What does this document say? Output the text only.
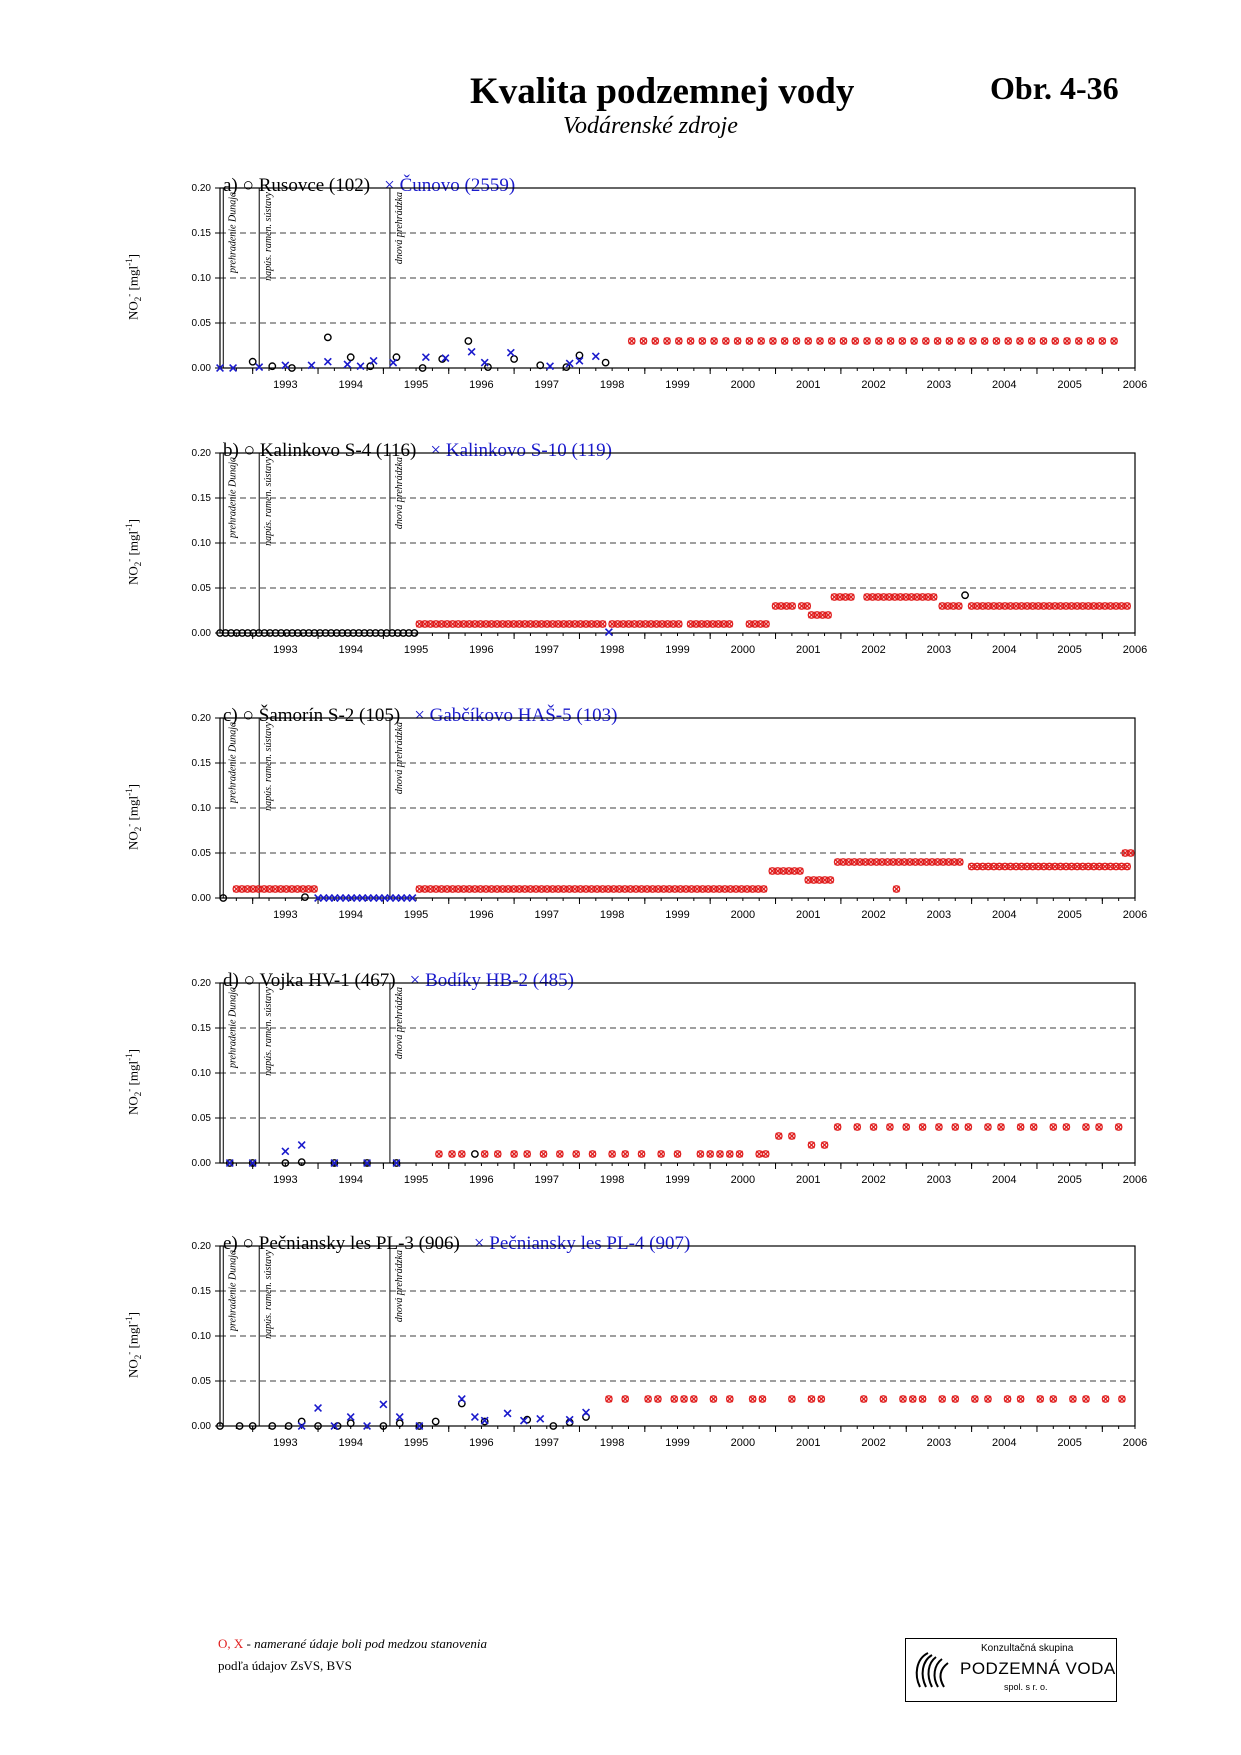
Kvalita podzemnej vody
Vodárenské zdroje
Obr. 4-36
a) ○ Rusovce (102) × Čunovo (2559)
$NO_2^-$ [mgl$^{-1}$]
0.00
0.05
0.10
0.15
0.20
1993	1994	1995	1996	1997	1998	1999	2000	2001	2002	2003	2004	2005	2006
prehradenie Dunaja napús. ramen. sústavy	dnová prehrádzka
b) ○ Kalinkovo S-4 (116) × Kalinkovo S-10 (119)
$NO_2^-$ [mgl$^{-1}$]
0.00
0.05
0.10
0.15
0.20
1993	1994	1995	1996	1997	1998	1999	2000	2001	2002	2003	2004	2005	2006
prehradenie Dunaja napús. ramen. sústavy	dnová prehrádzka
c) ○ Šamorín S-2 (105) × Gabčíkovo HAŠ-5 (103)
$NO_2^-$ [mgl$^{-1}$]
0.00
0.05
0.10
0.15
0.20
1993	1994	1995	1996	1997	1998	1999	2000	2001	2002	2003	2004	2005	2006
prehradenie Dunaja napús. ramen. sústavy	dnová prehrádzka
d) ○ Vojka HV-1 (467) × Bodíky HB-2 (485)
$NO_2^-$ [mgl$^{-1}$]
0.00
0.05
0.10
0.15
0.20
1993	1994	1995	1996	1997	1998	1999	2000	2001	2002	2003	2004	2005	2006
prehradenie Dunaja napús. ramen. sústavy	dnová prehrádzka
e) ○ Pečniansky les PL-3 (906) × Pečniansky les PL-4 (907)
$NO_2^-$ [mgl$^{-1}$]
0.00
0.05
0.10
0.15
0.20
1993	1994	1995	1996	1997	1998	1999	2000	2001	2002	2003	2004	2005	2006
prehradenie Dunaja napús. ramen. sústavy	dnová prehrádzka
O, X - namerané údaje boli pod medzou stanovenia
podľa údajov ZsVS, BVS
Konzultačná skupina
PODZEMNÁ VODA
spol. s r. o.
